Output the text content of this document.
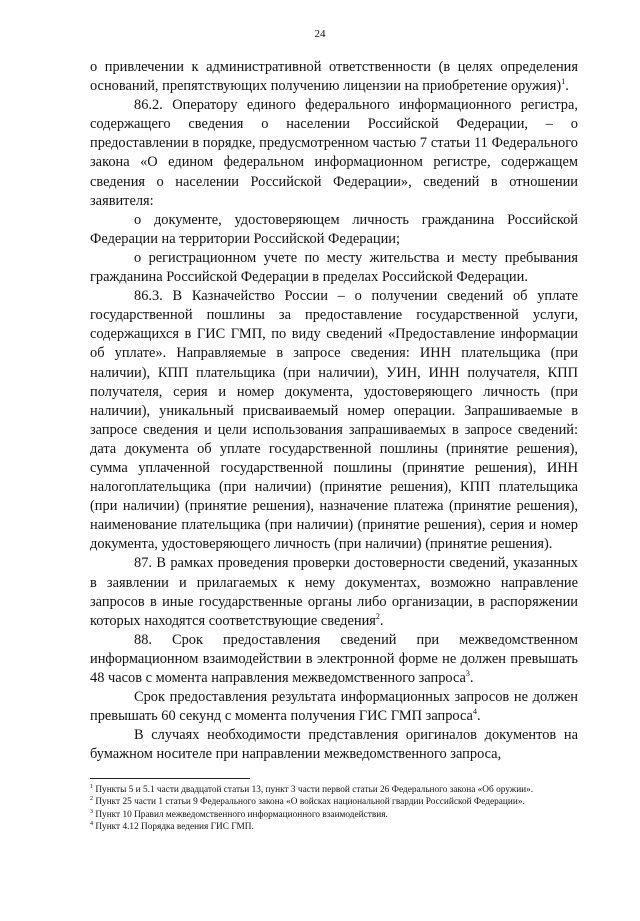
24

о привлечении к административной ответственности (в целях определения оснований, препятствующих получению лицензии на приобретение оружия)$^1$.

86.2. Оператору единого федерального информационного регистра, содержащего сведения о населении Российской Федерации, – о предоставлении в порядке, предусмотренном частью 7 статьи 11 Федерального закона «О едином федеральном информационном регистре, содержащем сведения о населении Российской Федерации», сведений в отношении заявителя:

о документе, удостоверяющем личность гражданина Российской Федерации на территории Российской Федерации;

о регистрационном учете по месту жительства и месту пребывания гражданина Российской Федерации в пределах Российской Федерации.

86.3. В Казначейство России – о получении сведений об уплате государственной пошлины за предоставление государственной услуги, содержащихся в ГИС ГМП, по виду сведений «Предоставление информации об уплате». Направляемые в запросе сведения: ИНН плательщика (при наличии), КПП плательщика (при наличии), УИН, ИНН получателя, КПП получателя, серия и номер документа, удостоверяющего личность (при наличии), уникальный присваиваемый номер операции. Запрашиваемые в запросе сведения и цели использования запрашиваемых в запросе сведений: дата документа об уплате государственной пошлины (принятие решения), сумма уплаченной государственной пошлины (принятие решения), ИНН налогоплательщика (при наличии) (принятие решения), КПП плательщика (при наличии) (принятие решения), назначение платежа (принятие решения), наименование плательщика (при наличии) (принятие решения), серия и номер документа, удостоверяющего личность (при наличии) (принятие решения).

87. В рамках проведения проверки достоверности сведений, указанных в заявлении и прилагаемых к нему документах, возможно направление запросов в иные государственные органы либо организации, в распоряжении которых находятся соответствующие сведения$^2$.

88. Срок предоставления сведений при межведомственном информационном взаимодействии в электронной форме не должен превышать 48 часов с момента направления межведомственного запроса$^3$.

Срок предоставления результата информационных запросов не должен превышать 60 секунд с момента получения ГИС ГМП запроса$^4$.

В случаях необходимости представления оригиналов документов на бумажном носителе при направлении межведомственного запроса,

$^1$ Пункты 5 и 5.1 части двадцатой статьи 13, пункт 3 части первой статьи 26 Федерального закона «Об оружии».

$^2$ Пункт 25 части 1 статьи 9 Федерального закона «О войсках национальной гвардии Российской Федерации».

$^3$ Пункт 10 Правил межведомственного информационного взаимодействия.

$^4$ Пункт 4.12 Порядка ведения ГИС ГМП.
